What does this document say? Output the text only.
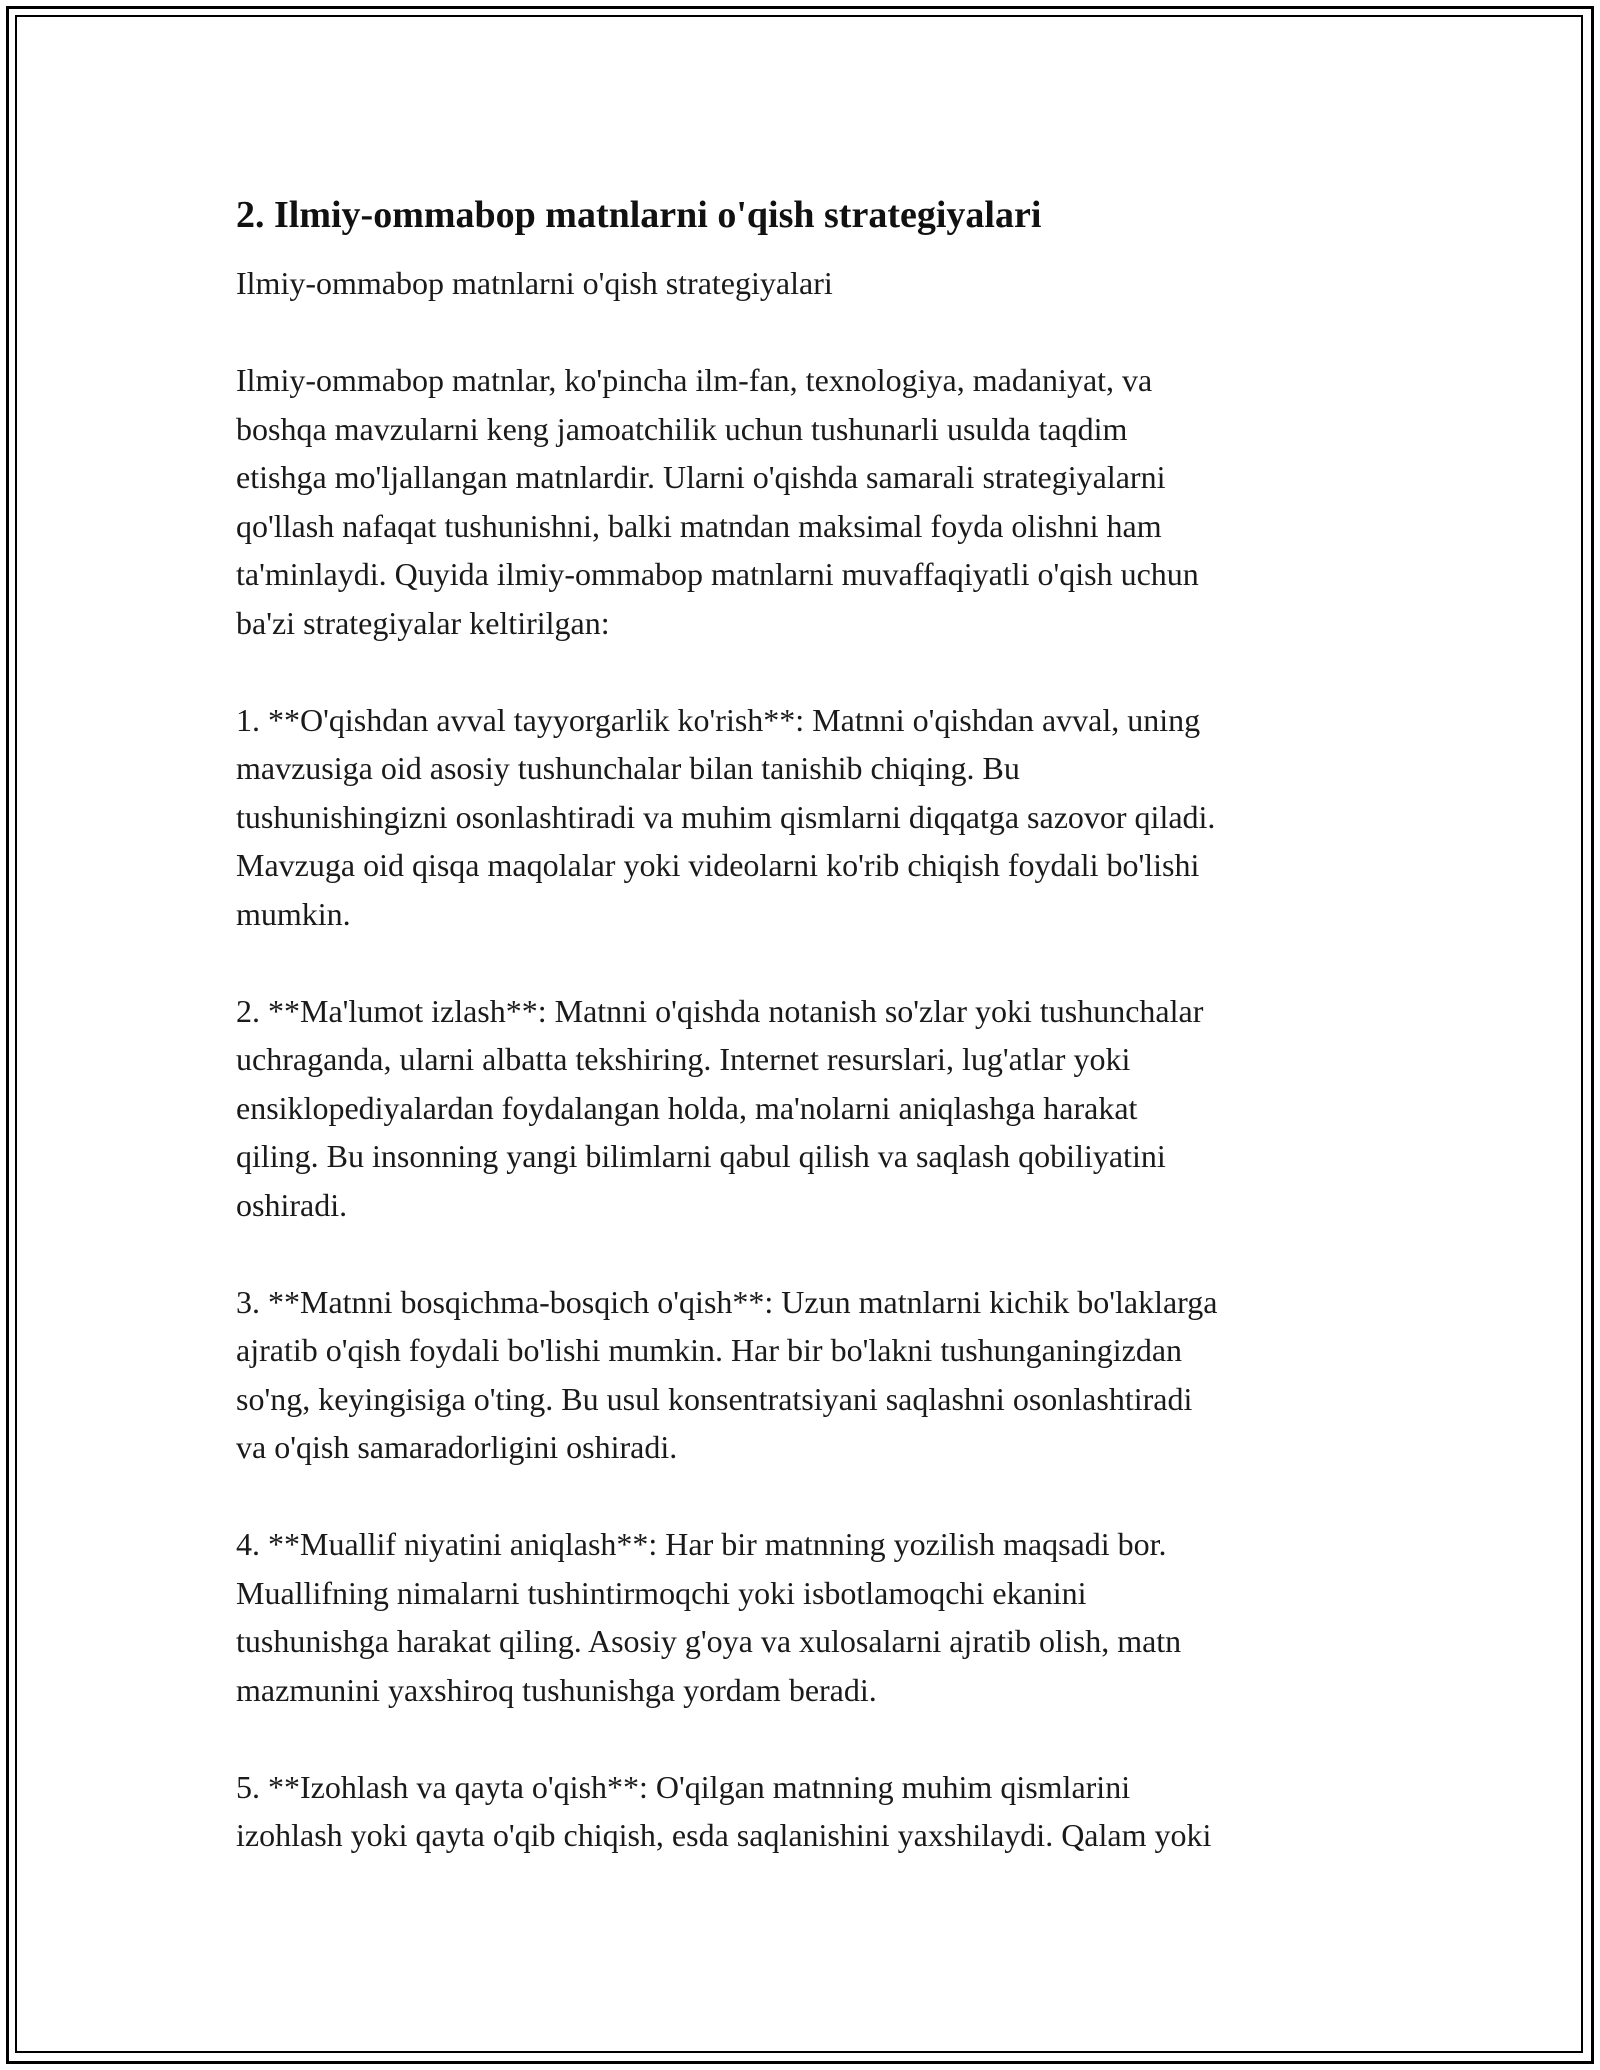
2. Ilmiy-ommabop matnlarni o'qish strategiyalari

Ilmiy-ommabop matnlarni o'qish strategiyalari

Ilmiy-ommabop matnlar, ko'pincha ilm-fan, texnologiya, madaniyat, va
boshqa mavzularni keng jamoatchilik uchun tushunarli usulda taqdim
etishga mo'ljallangan matnlardir. Ularni o'qishda samarali strategiyalarni
qo'llash nafaqat tushunishni, balki matndan maksimal foyda olishni ham
ta'minlaydi. Quyida ilmiy-ommabop matnlarni muvaffaqiyatli o'qish uchun
ba'zi strategiyalar keltirilgan:

1. **O'qishdan avval tayyorgarlik ko'rish**: Matnni o'qishdan avval, uning
mavzusiga oid asosiy tushunchalar bilan tanishib chiqing. Bu
tushunishingizni osonlashtiradi va muhim qismlarni diqqatga sazovor qiladi.
Mavzuga oid qisqa maqolalar yoki videolarni ko'rib chiqish foydali bo'lishi
mumkin.

2. **Ma'lumot izlash**: Matnni o'qishda notanish so'zlar yoki tushunchalar
uchraganda, ularni albatta tekshiring. Internet resurslari, lug'atlar yoki
ensiklopediyalardan foydalangan holda, ma'nolarni aniqlashga harakat
qiling. Bu insonning yangi bilimlarni qabul qilish va saqlash qobiliyatini
oshiradi.

3. **Matnni bosqichma-bosqich o'qish**: Uzun matnlarni kichik bo'laklarga
ajratib o'qish foydali bo'lishi mumkin. Har bir bo'lakni tushunganingizdan
so'ng, keyingisiga o'ting. Bu usul konsentratsiyani saqlashni osonlashtiradi
va o'qish samaradorligini oshiradi.

4. **Muallif niyatini aniqlash**: Har bir matnning yozilish maqsadi bor.
Muallifning nimalarni tushintirmoqchi yoki isbotlamoqchi ekanini
tushunishga harakat qiling. Asosiy g'oya va xulosalarni ajratib olish, matn
mazmunini yaxshiroq tushunishga yordam beradi.

5. **Izohlash va qayta o'qish**: O'qilgan matnning muhim qismlarini
izohlash yoki qayta o'qib chiqish, esda saqlanishini yaxshilaydi. Qalam yoki
